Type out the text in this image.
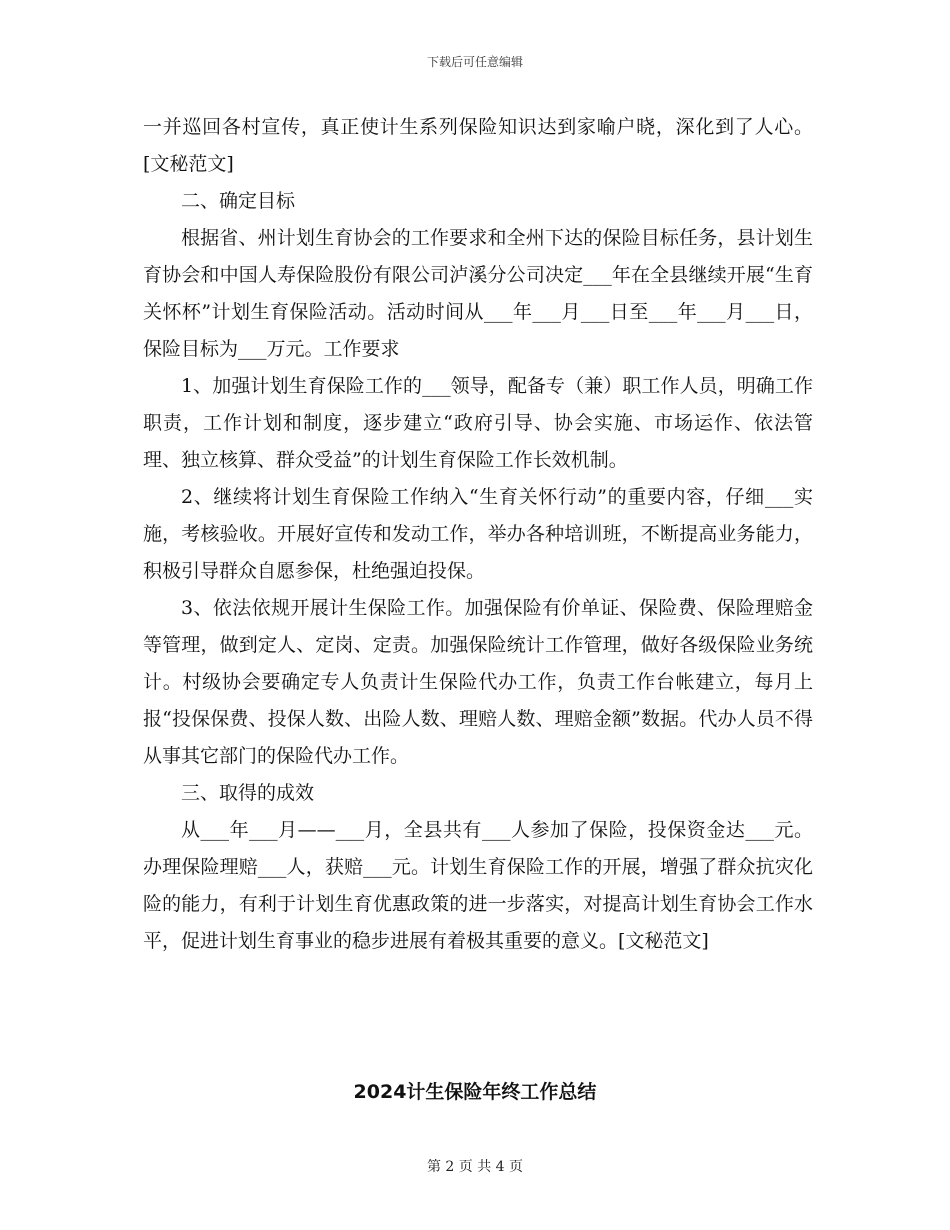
下载后可任意编辑

一并巡回各村宣传，真正使计生系列保险知识达到家喻户晓，深化到了人心。[文秘范文]

二、确定目标

根据省、州计划生育协会的工作要求和全州下达的保险目标任务，县计划生育协会和中国人寿保险股份有限公司泸溪分公司决定___年在全县继续开展“生育关怀杯”计划生育保险活动。活动时间从___年___月___日至___年___月___日，保险目标为___万元。工作要求

1、加强计划生育保险工作的___领导，配备专（兼）职工作人员，明确工作职责，工作计划和制度，逐步建立“政府引导、协会实施、市场运作、依法管理、独立核算、群众受益”的计划生育保险工作长效机制。

2、继续将计划生育保险工作纳入“生育关怀行动”的重要内容，仔细___实施，考核验收。开展好宣传和发动工作，举办各种培训班，不断提高业务能力，积极引导群众自愿参保，杜绝强迫投保。

3、依法依规开展计生保险工作。加强保险有价单证、保险费、保险理赔金等管理，做到定人、定岗、定责。加强保险统计工作管理，做好各级保险业务统计。村级协会要确定专人负责计生保险代办工作，负责工作台帐建立，每月上报“投保保费、投保人数、出险人数、理赔人数、理赔金额”数据。代办人员不得从事其它部门的保险代办工作。

三、取得的成效

从___年___月——___月，全县共有___人参加了保险，投保资金达___元。办理保险理赔___人，获赔___元。计划生育保险工作的开展，增强了群众抗灾化险的能力，有利于计划生育优惠政策的进一步落实，对提高计划生育协会工作水平，促进计划生育事业的稳步进展有着极其重要的意义。[文秘范文]

2024计生保险年终工作总结
第 2 页 共 4 页
